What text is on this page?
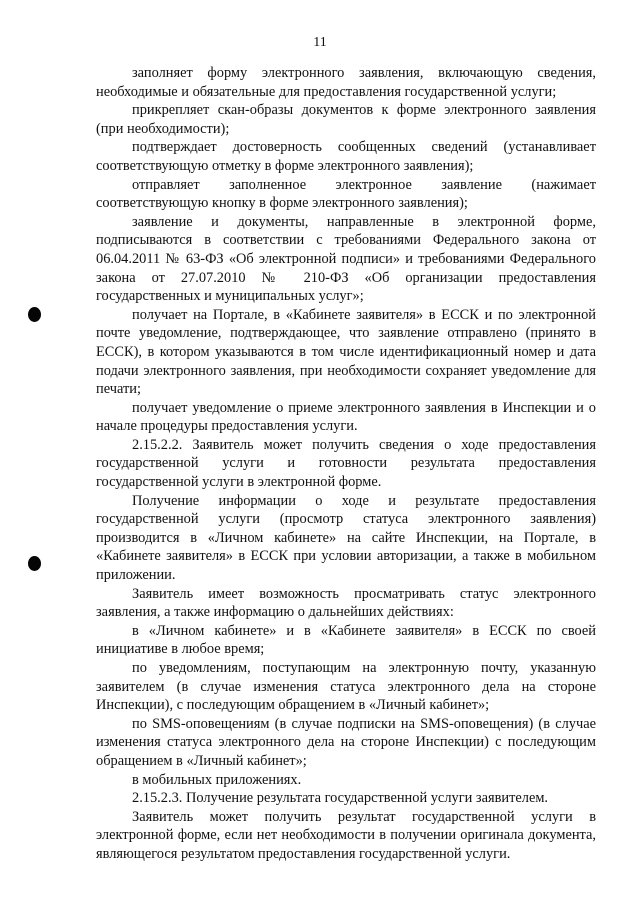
11

заполняет форму электронного заявления, включающую сведения, необходимые и обязательные для предоставления государственной услуги;

прикрепляет скан-образы документов к форме электронного заявления (при необходимости);

подтверждает достоверность сообщенных сведений (устанавливает соответствующую отметку в форме электронного заявления);

отправляет заполненное электронное заявление (нажимает соответствующую кнопку в форме электронного заявления);

заявление и документы, направленные в электронной форме, подписываются в соответствии с требованиями Федерального закона от 06.04.2011 № 63-ФЗ «Об электронной подписи» и требованиями Федерального закона от 27.07.2010 № 210-ФЗ «Об организации предоставления государственных и муниципальных услуг»;

получает на Портале, в «Кабинете заявителя» в ЕССК и по электронной почте уведомление, подтверждающее, что заявление отправлено (принято в ЕССК), в котором указываются в том числе идентификационный номер и дата подачи электронного заявления, при необходимости сохраняет уведомление для печати;

получает уведомление о приеме электронного заявления в Инспекции и о начале процедуры предоставления услуги.

2.15.2.2. Заявитель может получить сведения о ходе предоставления государственной услуги и готовности результата предоставления государственной услуги в электронной форме.

Получение информации о ходе и результате предоставления государственной услуги (просмотр статуса электронного заявления) производится в «Личном кабинете» на сайте Инспекции, на Портале, в «Кабинете заявителя» в ЕССК при условии авторизации, а также в мобильном приложении.

Заявитель имеет возможность просматривать статус электронного заявления, а также информацию о дальнейших действиях:

в «Личном кабинете» и в «Кабинете заявителя» в ЕССК по своей инициативе в любое время;

по уведомлениям, поступающим на электронную почту, указанную заявителем (в случае изменения статуса электронного дела на стороне Инспекции), с последующим обращением в «Личный кабинет»;

по SMS-оповещениям (в случае подписки на SMS-оповещения) (в случае изменения статуса электронного дела на стороне Инспекции) с последующим обращением в «Личный кабинет»;

в мобильных приложениях.

2.15.2.3. Получение результата государственной услуги заявителем.

Заявитель может получить результат государственной услуги в электронной форме, если нет необходимости в получении оригинала документа, являющегося результатом предоставления государственной услуги.
